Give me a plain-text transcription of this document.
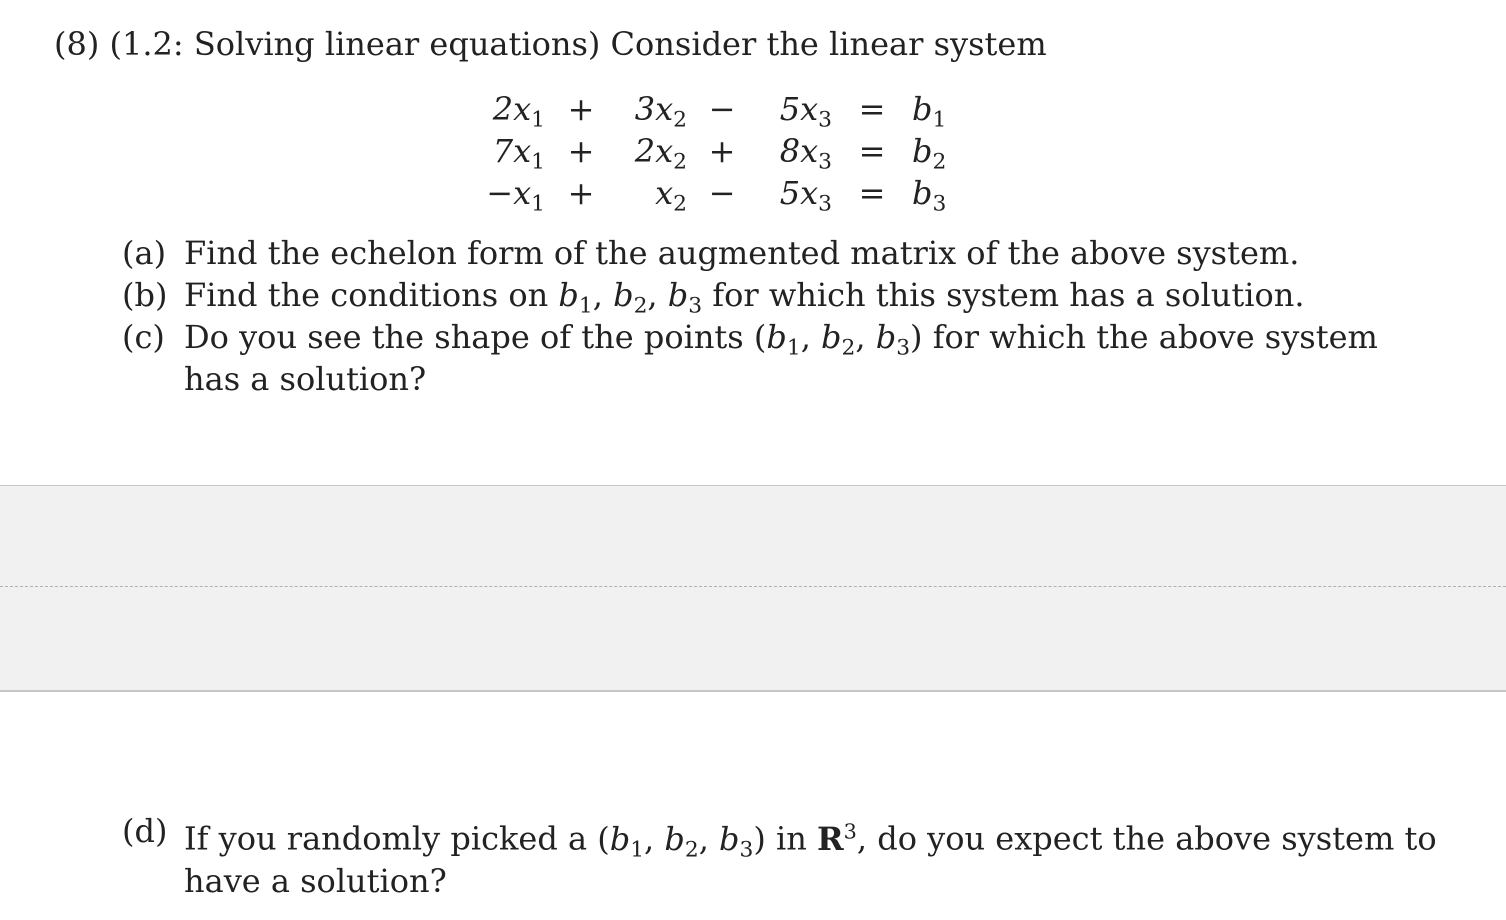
(8) (1.2: Solving linear equations) Consider the linear system
$2x_1$ +	$3x_2$ −	$5x_3 = b_1$
$7x_1$ +	$2x_2$ +	$8x_3 = b_2$
$-x_1$ +	$x_2$ −	$5x_3 = b_3$
(a) Find the echelon form of the augmented matrix of the above system.
(b) Find the conditions on $b_1$, $b_2$, $b_3$ for which this system has a solution.
(c) Do you see the shape of the points ($b_1$, $b_2$, $b_3$) for which the above system has a solution?
(d) If you randomly picked a ($b_1$, $b_2$, $b_3$) in $R^3$, do you expect the above system to have a solution?
